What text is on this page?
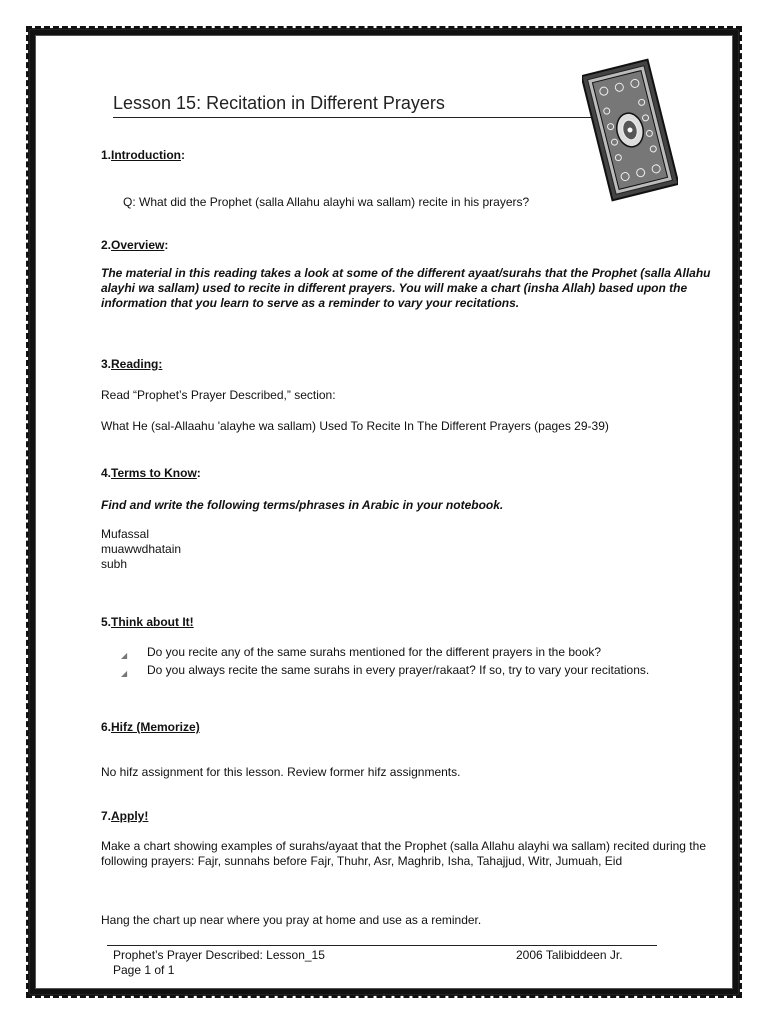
Lesson 15: Recitation in Different Prayers
1.Introduction:
Q: What did the Prophet (salla Allahu alayhi wa sallam) recite in his prayers?
2.Overview:
The material in this reading takes a look at some of the different ayaat/surahs that the Prophet (salla Allahu alayhi wa sallam) used to recite in different prayers. You will make a chart (insha Allah) based upon the information that you learn to serve as a reminder to vary your recitations.
3.Reading:
Read “Prophet’s Prayer Described,” section:
What He (sal-Allaahu 'alayhe wa sallam) Used To Recite In The Different Prayers (pages 29-39)
4.Terms to Know:
Find and write the following terms/phrases in Arabic in your notebook.
Mufassal
muawwdhatain
subh
5.Think about It!
◢	Do you recite any of the same surahs mentioned for the different prayers in the book?
◢	Do you always recite the same surahs in every prayer/rakaat? If so, try to vary your recitations.
6.Hifz (Memorize)
No hifz assignment for this lesson. Review former hifz assignments.
7.Apply!
Make a chart showing examples of surahs/ayaat that the Prophet (salla Allahu alayhi wa sallam) recited during the following prayers: Fajr, sunnahs before Fajr, Thuhr, Asr, Maghrib, Isha, Tahajjud, Witr, Jumuah, Eid
Hang the chart up near where you pray at home and use as a reminder.
Prophet’s Prayer Described: Lesson_15	2006 Talibiddeen Jr.
Page 1 of 1
